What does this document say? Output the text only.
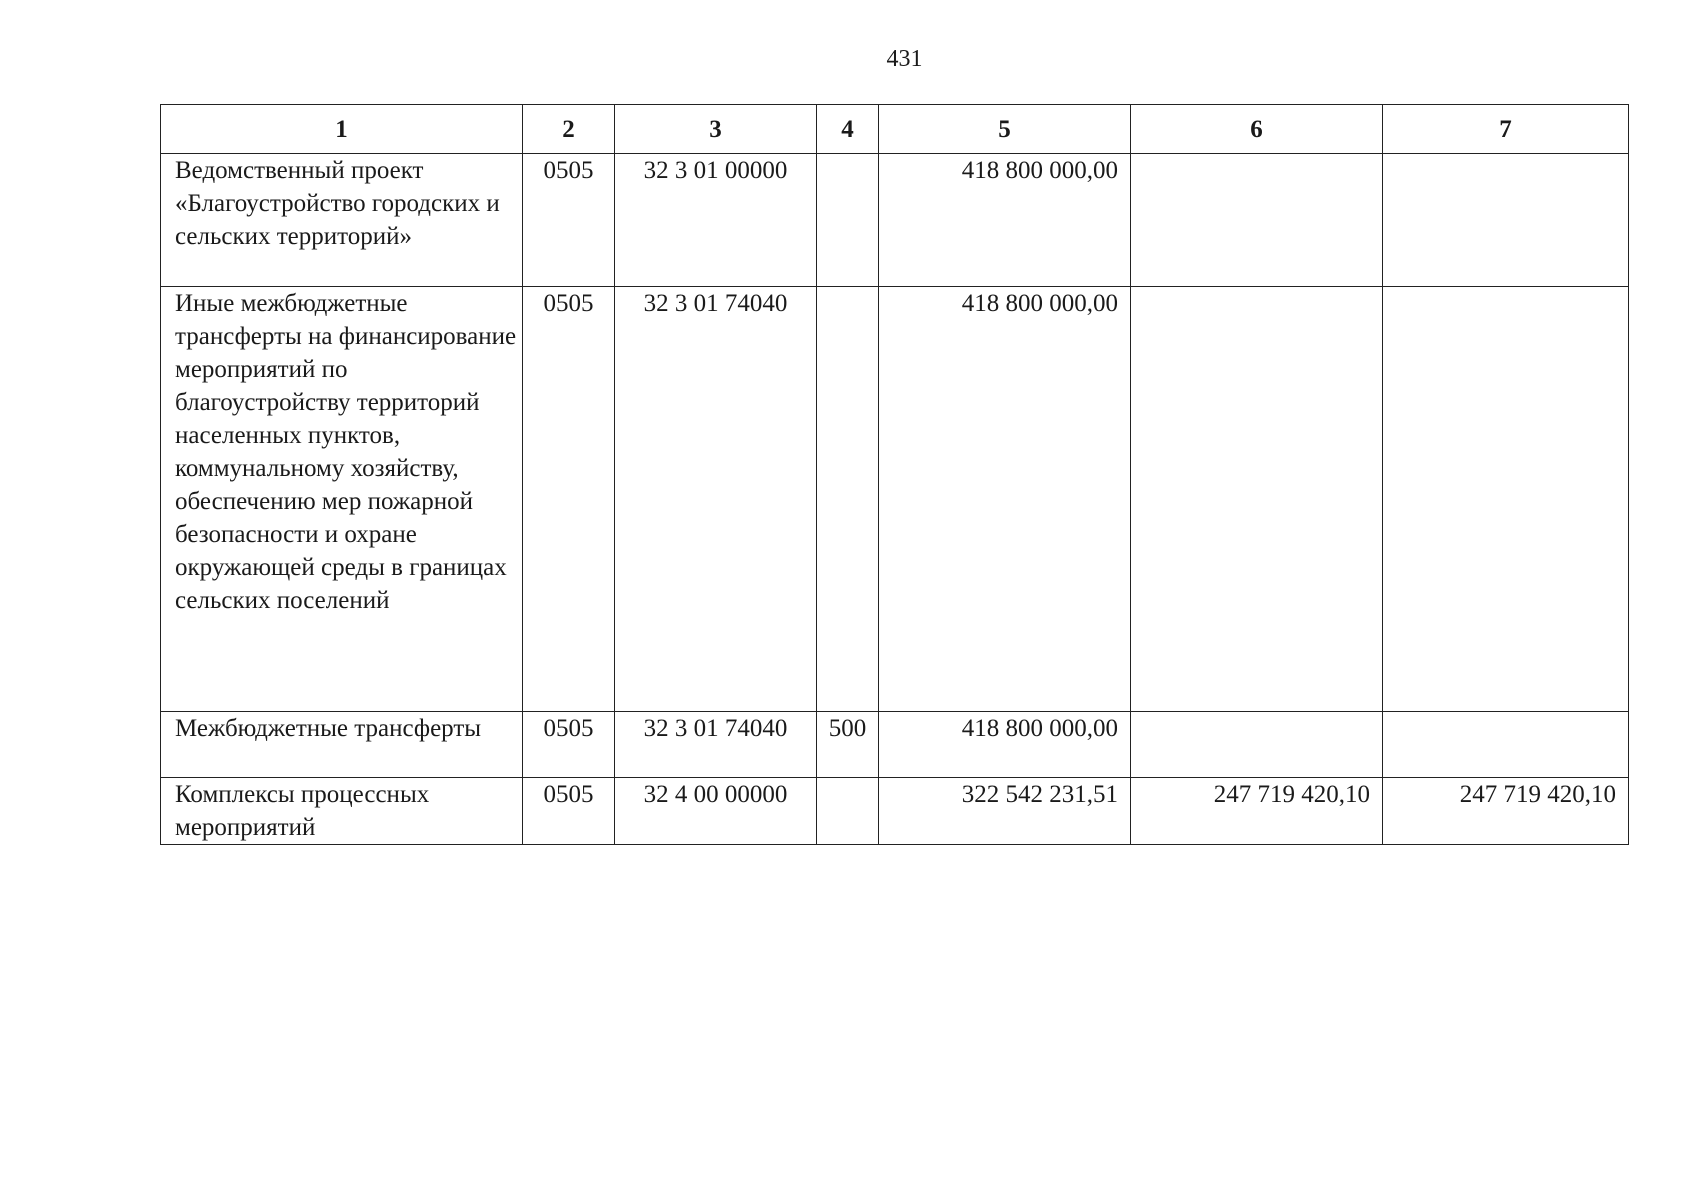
431
1	2	3	4	5	6	7
Ведомственный проект «Благоустройство городских и сельских территорий»	0505	32 3 01 00000		418 800 000,00		
Иные межбюджетные трансферты на финансирование мероприятий по благоустройству территорий населенных пунктов, коммунальному хозяйству, обеспечению мер пожарной безопасности и охране окружающей среды в границах сельских поселений	0505	32 3 01 74040		418 800 000,00		
Межбюджетные трансферты	0505	32 3 01 74040	500	418 800 000,00		
Комплексы процессных мероприятий	0505	32 4 00 00000		322 542 231,51	247 719 420,10	247 719 420,10
